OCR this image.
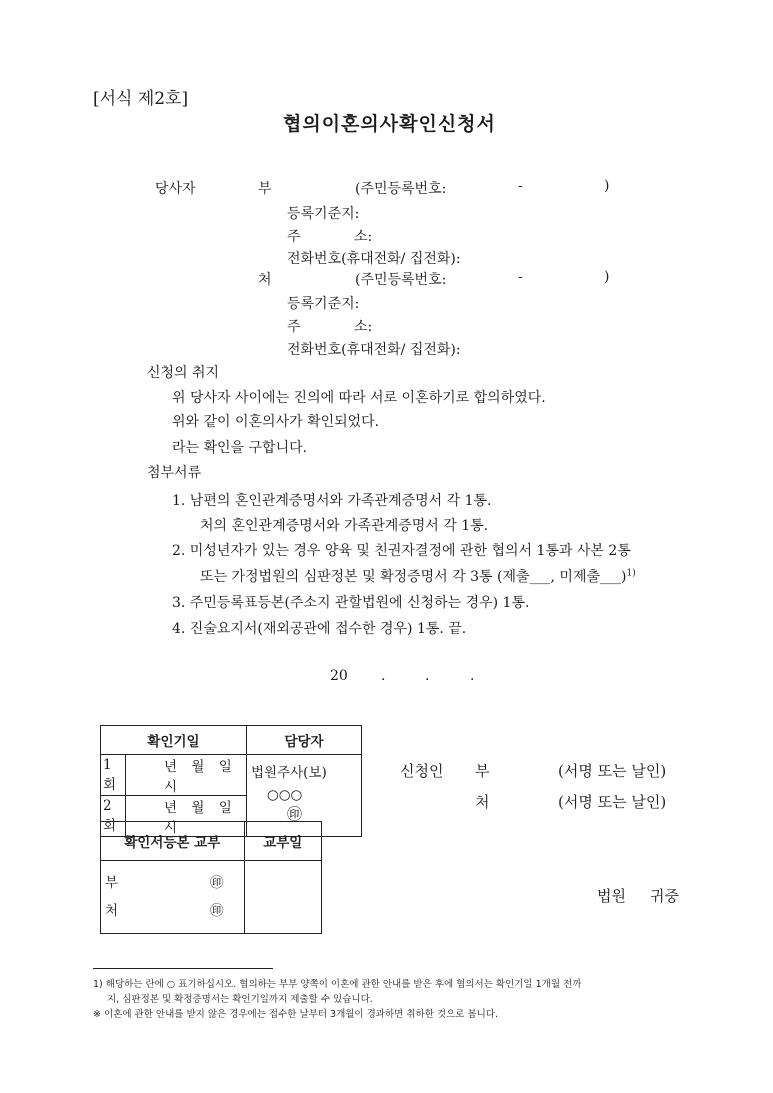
[서식 제2호]
협의이혼의사확인신청서
당사자	부	(주민등록번호:	-	)
등록기준지:
주	소:
전화번호(휴대전화/ 집전화):
처	(주민등록번호:	-	)
등록기준지:
주	소:
전화번호(휴대전화/ 집전화):
신청의 취지
위 당사자 사이에는 진의에 따라 서로 이혼하기로 합의하였다.
위와 같이 이혼의사가 확인되었다.
라는 확인을 구합니다.
첨부서류
1. 남편의 혼인관계증명서와 가족관계증명서 각 1통.
처의 혼인관계증명서와 가족관계증명서 각 1통.
2. 미성년자가 있는 경우 양육 및 친권자결정에 관한 협의서 1통과 사본 2통
또는 가정법원의 심판정본 및 확정증명서 각 3통 (제출___, 미제출___)$^{1)}$
3. 주민등록표등본(주소지 관할법원에 신청하는 경우) 1통.
4. 진술요지서(재외공관에 접수한 경우) 1통. 끝.
20 .	.	.
확인기일		담당자
1회	년 월 일 시	법원주사(보)
○○○ ㊞

2회	년 월 일 시	
신청인 부	(서명 또는 날인)
처	(서명 또는 날인)
확인서등본 교부	교부일

부 ㊞
처 ㊞	

법원 귀중
1) 해당하는 란에 ○ 표기하십시오. 협의하는 부부 양쪽이 이혼에 관한 안내를 받은 후에 협의서는 확인기일 1개월 전까
지, 심판정본 및 확정증명서는 확인기일까지 제출할 수 있습니다.
※ 이혼에 관한 안내를 받지 않은 경우에는 접수한 날부터 3개월이 경과하면 취하한 것으로 봅니다.
